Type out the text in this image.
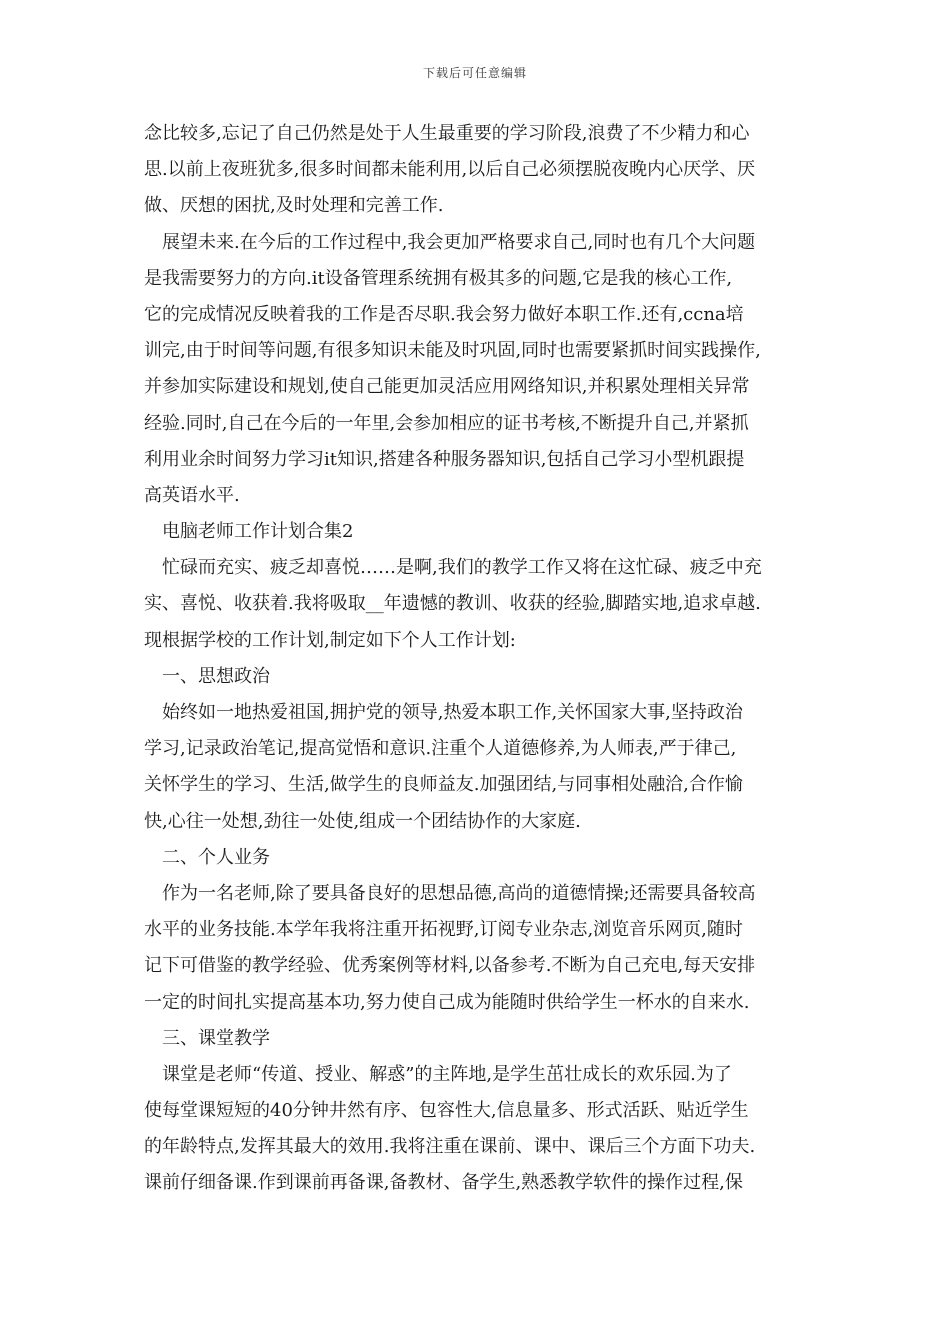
下载后可任意编辑
念比较多,忘记了自己仍然是处于人生最重要的学习阶段,浪费了不少精力和心
思.以前上夜班犹多,很多时间都未能利用,以后自己必须摆脱夜晚内心厌学、厌
做、厌想的困扰,及时处理和完善工作.
展望未来.在今后的工作过程中,我会更加严格要求自己,同时也有几个大问题
是我需要努力的方向.it设备管理系统拥有极其多的问题,它是我的核心工作,
它的完成情况反映着我的工作是否尽职.我会努力做好本职工作.还有,ccna培
训完,由于时间等问题,有很多知识未能及时巩固,同时也需要紧抓时间实践操作,
并参加实际建设和规划,使自己能更加灵活应用网络知识,并积累处理相关异常
经验.同时,自己在今后的一年里,会参加相应的证书考核,不断提升自己,并紧抓
利用业余时间努力学习it知识,搭建各种服务器知识,包括自己学习小型机跟提
高英语水平.
电脑老师工作计划合集2
忙碌而充实、疲乏却喜悦……是啊,我们的教学工作又将在这忙碌、疲乏中充
实、喜悦、收获着.我将吸取__年遗憾的教训、收获的经验,脚踏实地,追求卓越.
现根据学校的工作计划,制定如下个人工作计划:
一、思想政治
始终如一地热爱祖国,拥护党的领导,热爱本职工作,关怀国家大事,坚持政治
学习,记录政治笔记,提高觉悟和意识.注重个人道德修养,为人师表,严于律己,
关怀学生的学习、生活,做学生的良师益友.加强团结,与同事相处融洽,合作愉
快,心往一处想,劲往一处使,组成一个团结协作的大家庭.
二、个人业务
作为一名老师,除了要具备良好的思想品德,高尚的道德情操;还需要具备较高
水平的业务技能.本学年我将注重开拓视野,订阅专业杂志,浏览音乐网页,随时
记下可借鉴的教学经验、优秀案例等材料,以备参考.不断为自己充电,每天安排
一定的时间扎实提高基本功,努力使自己成为能随时供给学生一杯水的自来水.
三、课堂教学
课堂是老师“传道、授业、解惑”的主阵地,是学生茁壮成长的欢乐园.为了
使每堂课短短的40分钟井然有序、包容性大,信息量多、形式活跃、贴近学生
的年龄特点,发挥其最大的效用.我将注重在课前、课中、课后三个方面下功夫.
课前仔细备课.作到课前再备课,备教材、备学生,熟悉教学软件的操作过程,保
